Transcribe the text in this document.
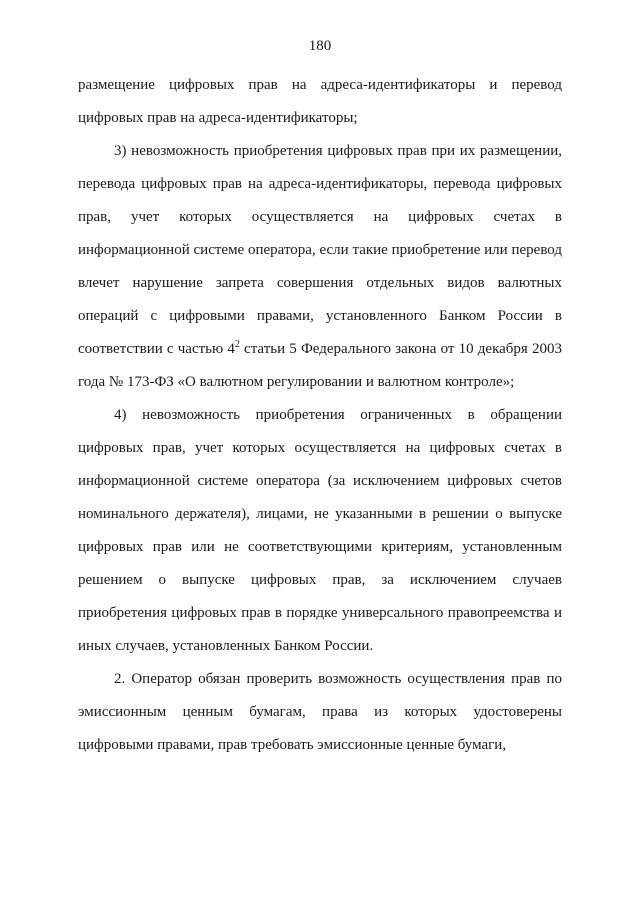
180

размещение цифровых прав на адреса-идентификаторы и перевод цифровых прав на адреса-идентификаторы;

3) невозможность приобретения цифровых прав при их размещении, перевода цифровых прав на адреса-идентификаторы, перевода цифровых прав, учет которых осуществляется на цифровых счетах в информационной системе оператора, если такие приобретение или перевод влечет нарушение запрета совершения отдельных видов валютных операций с цифровыми правами, установленного Банком России в соответствии с частью $4^2$ статьи 5 Федерального закона от 10 декабря 2003 года № 173-ФЗ «О валютном регулировании и валютном контроле»;

4) невозможность приобретения ограниченных в обращении цифровых прав, учет которых осуществляется на цифровых счетах в информационной системе оператора (за исключением цифровых счетов номинального держателя), лицами, не указанными в решении о выпуске цифровых прав или не соответствующими критериям, установленным решением о выпуске цифровых прав, за исключением случаев приобретения цифровых прав в порядке универсального правопреемства и иных случаев, установленных Банком России.

2. Оператор обязан проверить возможность осуществления прав по эмиссионным ценным бумагам, права из которых удостоверены цифровыми правами, прав требовать эмиссионные ценные бумаги,
